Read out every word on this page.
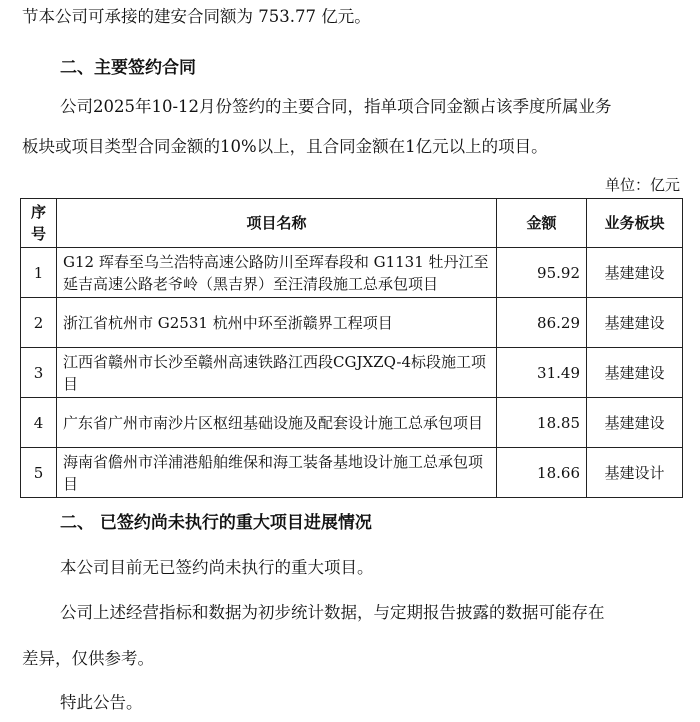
节本公司可承接的建安合同额为 753.77 亿元。
二、主要签约合同
公司2025年10-12月份签约的主要合同，指单项合同金额占该季度所属业务
板块或项目类型合同金额的10%以上，且合同金额在1亿元以上的项目。
单位：亿元
序号	项目名称	金额	业务板块
1	G12 珲春至乌兰浩特高速公路防川至珲春段和 G1131 牡丹江至延吉高速公路老爷岭（黑吉界）至汪清段施工总承包项目	95.92	基建建设
2	浙江省杭州市 G2531 杭州中环至浙赣界工程项目	86.29	基建建设
3	江西省赣州市长沙至赣州高速铁路江西段CGJXZQ-4标段施工项目	31.49	基建建设
4	广东省广州市南沙片区枢纽基础设施及配套设计施工总承包项目	18.85	基建建设
5	海南省儋州市洋浦港船舶维保和海工装备基地设计施工总承包项目	18.66	基建设计
二、 已签约尚未执行的重大项目进展情况
本公司目前无已签约尚未执行的重大项目。
公司上述经营指标和数据为初步统计数据，与定期报告披露的数据可能存在
差异，仅供参考。
特此公告。
